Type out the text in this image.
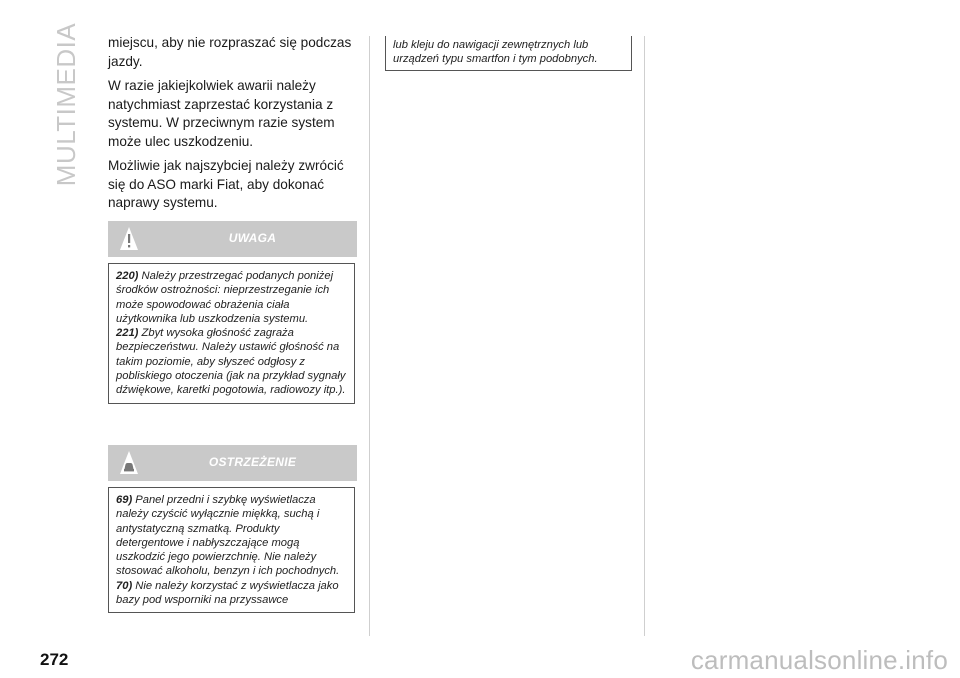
MULTIMEDIA miejscu, aby nie rozpraszać się podczas jazdy.

W razie jakiejkolwiek awarii należy natychmiast zaprzestać korzystania z systemu. W przeciwnym razie system może ulec uszkodzeniu.

Możliwie jak najszybciej należy zwrócić się do ASO marki Fiat, aby dokonać naprawy systemu.

UWAGA

220) Należy przestrzegać podanych poniżej środków ostrożności: nieprzestrzeganie ich może spowodować obrażenia ciała użytkownika lub uszkodzenia systemu.

221) Zbyt wysoka głośność zagraża bezpieczeństwu. Należy ustawić głośność na takim poziomie, aby słyszeć odgłosy z pobliskiego otoczenia (jak na przykład sygnały dźwiękowe, karetki pogotowia, radiowozy itp.).

OSTRZEŻENIE

69) Panel przedni i szybkę wyświetlacza należy czyścić wyłącznie miękką, suchą i antystatyczną szmatką. Produkty detergentowe i nabłyszczające mogą uszkodzić jego powierzchnię. Nie należy stosować alkoholu, benzyn i ich pochodnych.

70) Nie należy korzystać z wyświetlacza jako bazy pod wsporniki na przyssawce

lub kleju do nawigacji zewnętrznych lub urządzeń typu smartfon i tym podobnych.

272	carmanualsonline.info
